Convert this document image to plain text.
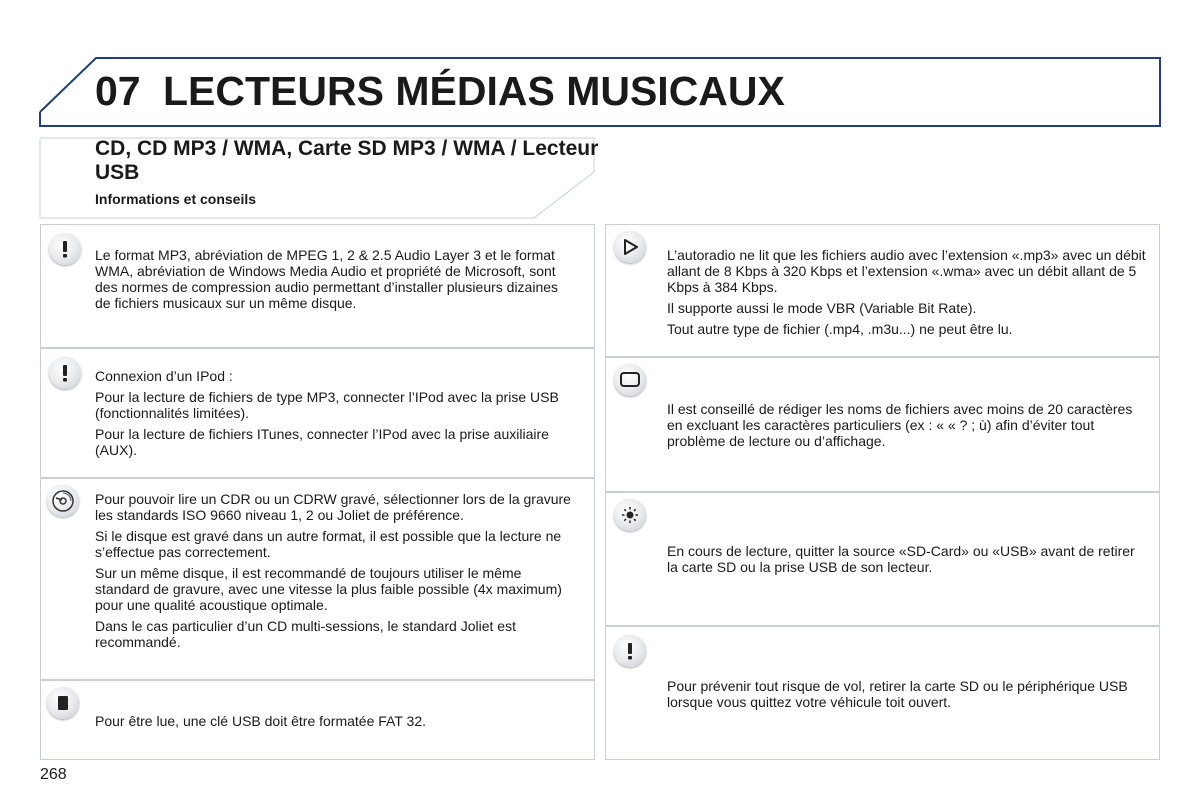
07 LECTEURS MÉDIAS MUSICAUX
CD, CD MP3 / WMA, Carte SD MP3 / WMA / Lecteur USB
Informations et conseils

Le format MP3, abréviation de MPEG 1, 2 & 2.5 Audio Layer 3 et le format WMA, abréviation de Windows Media Audio et propriété de Microsoft, sont des normes de compression audio permettant d’installer plusieurs dizaines de fichiers musicaux sur un même disque.

Connexion d’un IPod :

Pour la lecture de fichiers de type MP3, connecter l’IPod avec la prise USB (fonctionnalités limitées).

Pour la lecture de fichiers ITunes, connecter l’IPod avec la prise auxiliaire (AUX).

Pour pouvoir lire un CDR ou un CDRW gravé, sélectionner lors de la gravure les standards ISO 9660 niveau 1, 2 ou Joliet de préférence.

Si le disque est gravé dans un autre format, il est possible que la lecture ne s’effectue pas correctement.

Sur un même disque, il est recommandé de toujours utiliser le même standard de gravure, avec une vitesse la plus faible possible (4x maximum) pour une qualité acoustique optimale.

Dans le cas particulier d’un CD multi-sessions, le standard Joliet est recommandé.

Pour être lue, une clé USB doit être formatée FAT 32.

L’autoradio ne lit que les fichiers audio avec l’extension «.mp3» avec un débit allant de 8 Kbps à 320 Kbps et l’extension «.wma» avec un débit allant de 5 Kbps à 384 Kbps.

Il supporte aussi le mode VBR (Variable Bit Rate).

Tout autre type de fichier (.mp4, .m3u...) ne peut être lu.

Il est conseillé de rédiger les noms de fichiers avec moins de 20 caractères en excluant les caractères particuliers (ex : « « ? ; ù) afin d’éviter tout problème de lecture ou d’affichage.

En cours de lecture, quitter la source «SD-Card» ou «USB» avant de retirer la carte SD ou la prise USB de son lecteur.

Pour prévenir tout risque de vol, retirer la carte SD ou le périphérique USB lorsque vous quittez votre véhicule toit ouvert.

268
